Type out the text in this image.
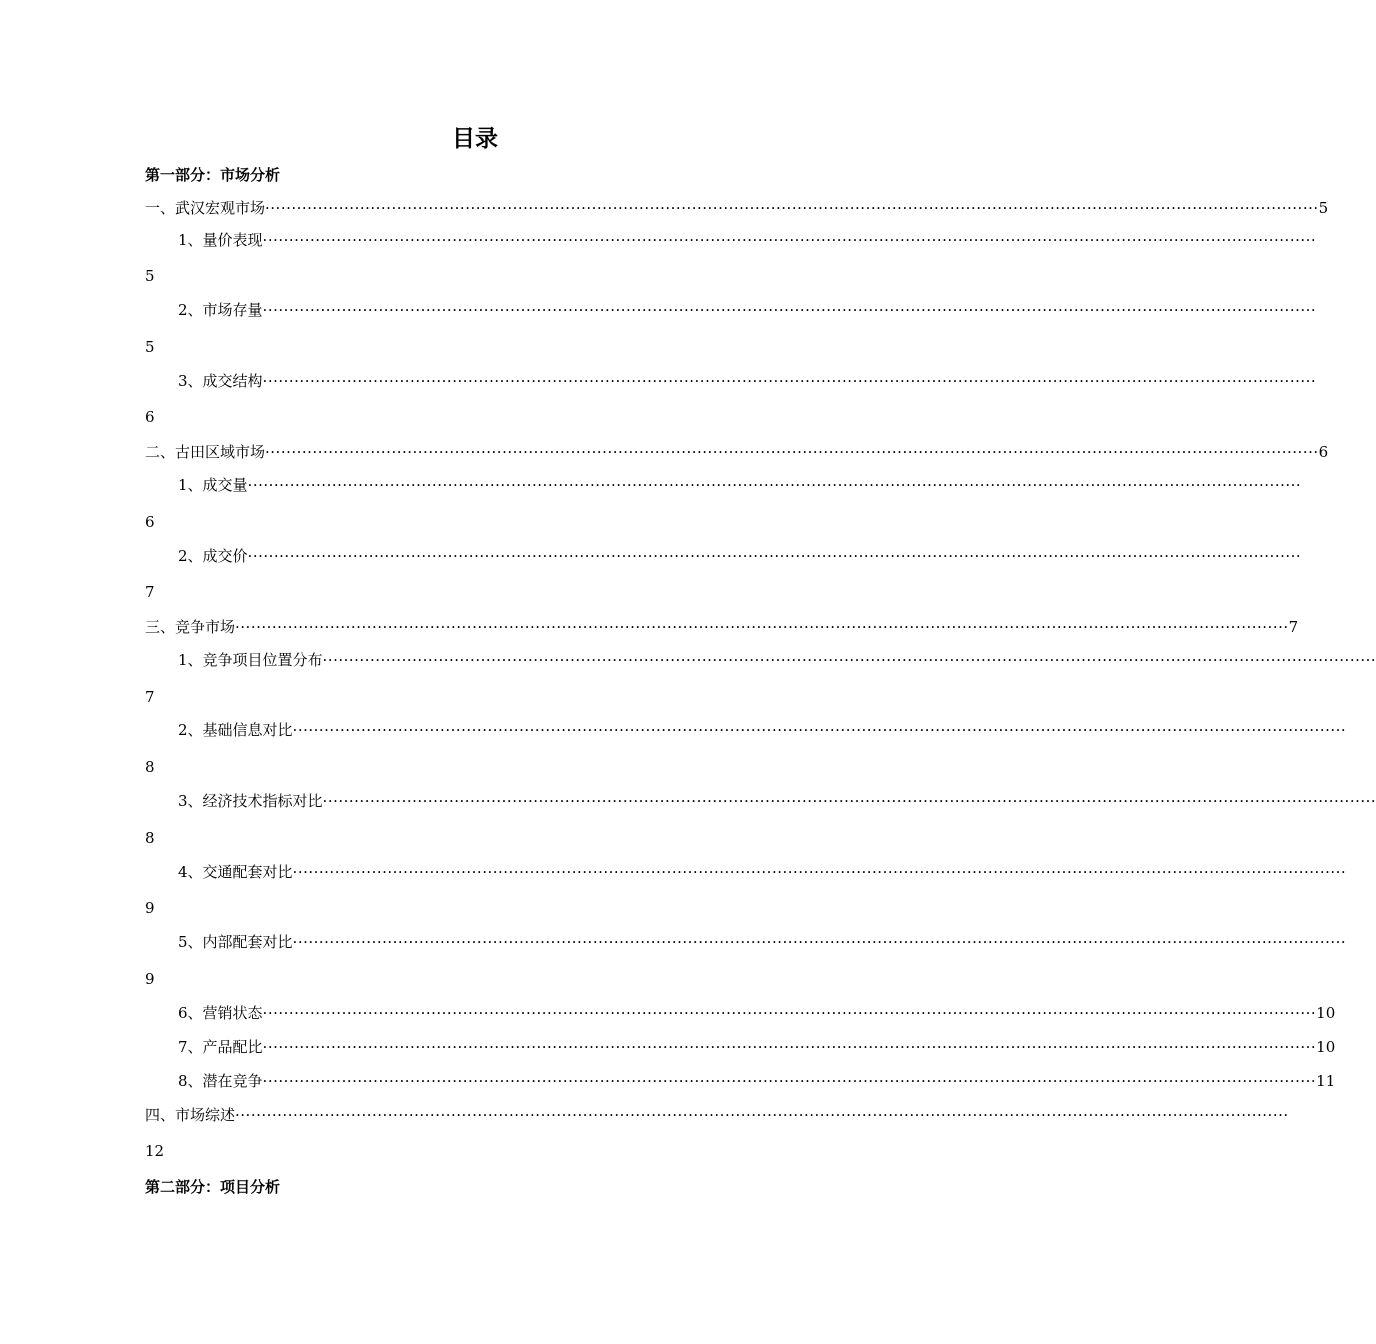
目录
第一部分：市场分析
一、武汉宏观市场 ········································································································································································································ 5
1、量价表现 ········································································································································································································
5
2、市场存量 ········································································································································································································
5
3、成交结构 ········································································································································································································
6
二、古田区域市场 ········································································································································································································ 6
1、成交量 ········································································································································································································
6
2、成交价 ········································································································································································································
7
三、竞争市场 ········································································································································································································ 7
1、竞争项目位置分布 ········································································································································································································
7
2、基础信息对比 ········································································································································································································
8
3、经济技术指标对比 ········································································································································································································
8
4、交通配套对比 ········································································································································································································
9
5、内部配套对比 ········································································································································································································
9
6、营销状态 ········································································································································································································ 10
7、产品配比 ········································································································································································································ 10
8、潜在竞争 ········································································································································································································ 11
四、市场综述 ········································································································································································································
12
第二部分：项目分析
